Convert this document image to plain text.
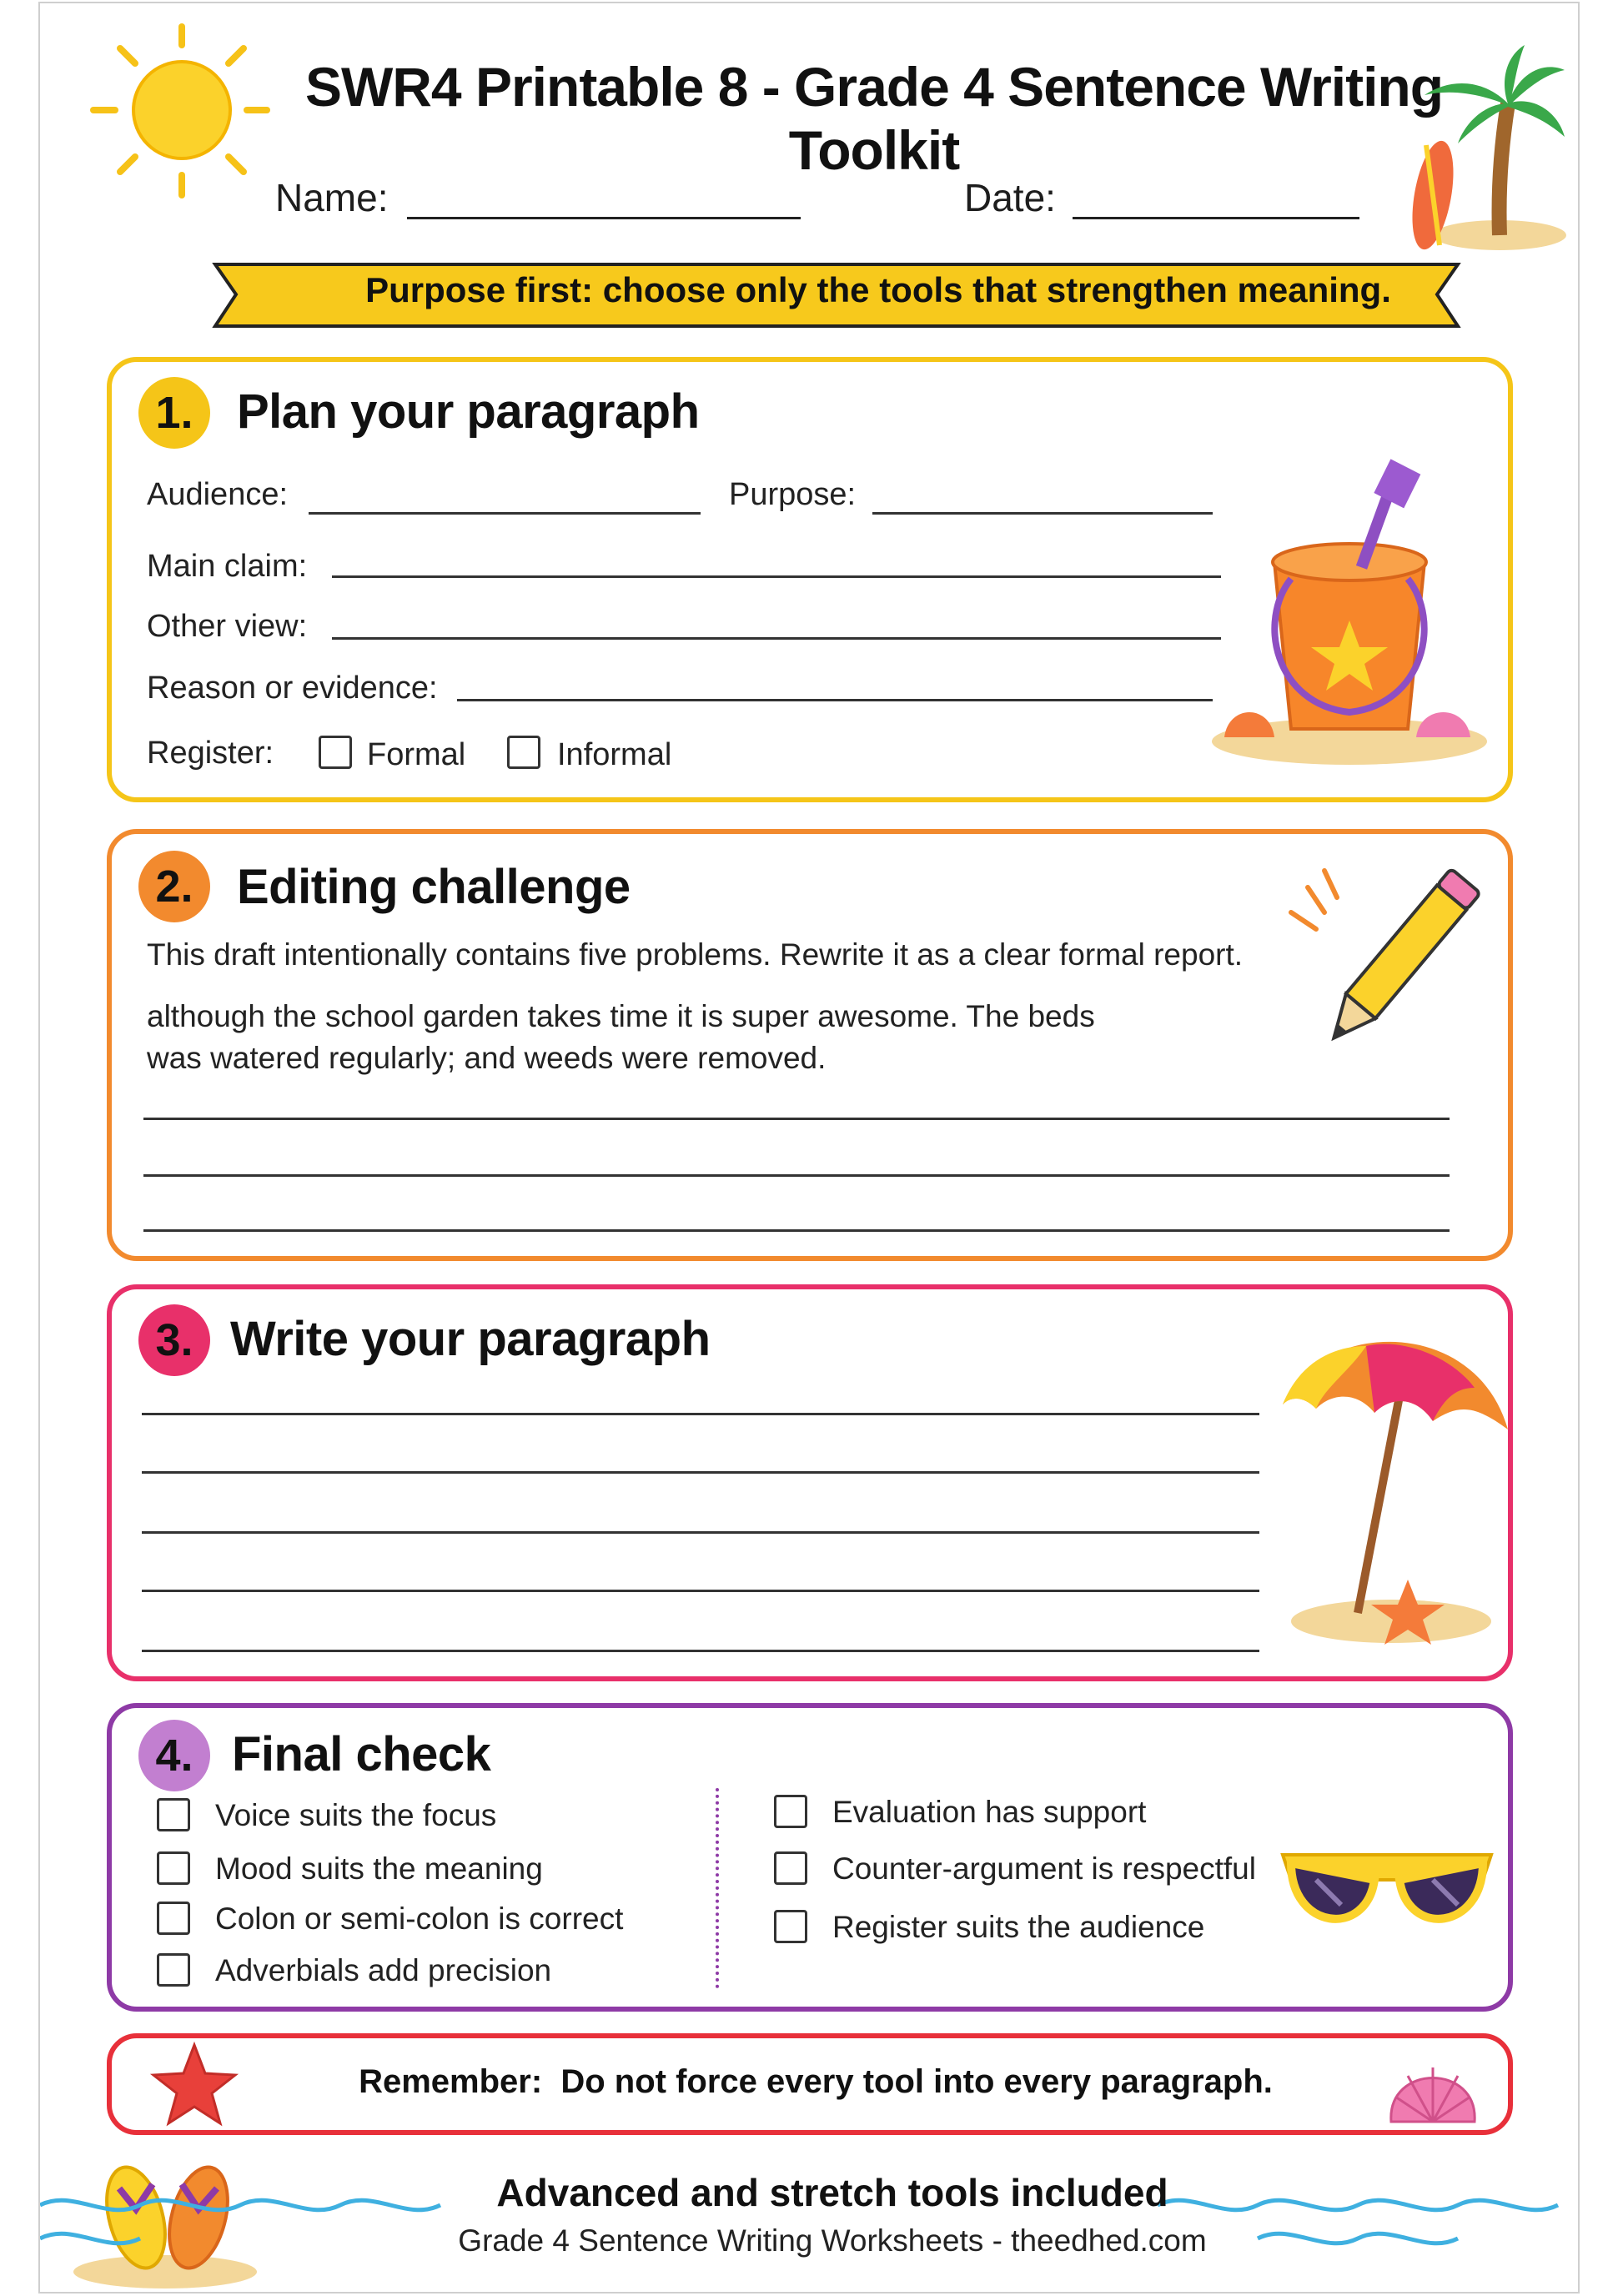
SWR4 Printable 8 - Grade 4 Sentence Writing Toolkit
Name:	Date:
Purpose first: choose only the tools that strengthen meaning.
1. Plan your paragraph
Audience:	Purpose:
Main claim:
Other view:
Reason or evidence:
Register:	Formal	Informal
2. Editing challenge
This draft intentionally contains five problems. Rewrite it as a clear formal report.
although the school garden takes time it is super awesome. The beds
was watered regularly; and weeds were removed.
3. Write your paragraph
4. Final check
Voice suits the focus
Mood suits the meaning
Colon or semi-colon is correct
Adverbials add precision
Evaluation has support
Counter-argument is respectful
Register suits the audience
Remember: Do not force every tool into every paragraph.
Advanced and stretch tools included
Grade 4 Sentence Writing Worksheets - theedhed.com
